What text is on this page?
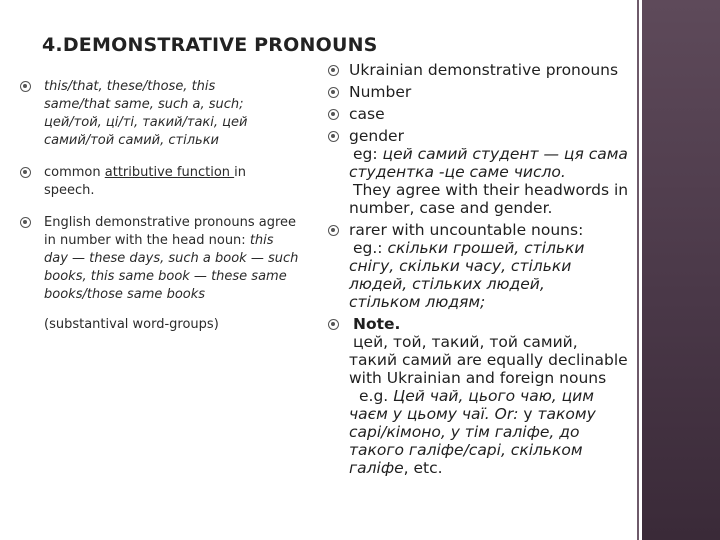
4.DEMONSTRATIVE PRONOUNS
this/that, these/those, this
same/that same, such a, such;
цей/той, ці/ті, такий/такі, цей
самий/той самий, стільки
common attributive function in
speech.
English demonstrative pronouns agree
in number with the head noun: this
day — these days, such a book — such
books, this same book — these same
books/those same books
(substantival word-groups)
Ukrainian demonstrative pronouns
Number
case
gender
eg: цей самий студент — ця сама
студентка -це саме число.
They agree with their headwords in
number, case and gender.
rarer with uncountable nouns:
eg.: скільки грошей, стільки
снігу, скільки часу, стільки
людей, стільких людей,
стільком людям;
Note.
цей, той, такий, той самий,
такий самий are equally declinable
with Ukrainian and foreign nouns
e.g. Цей чай, цього чаю, цим
чаєм у цьому чаї. Or: у такому
сарі/кімоно, у тім галіфе, до
такого галіфе/сарі, скільком
галіфе, etc.
